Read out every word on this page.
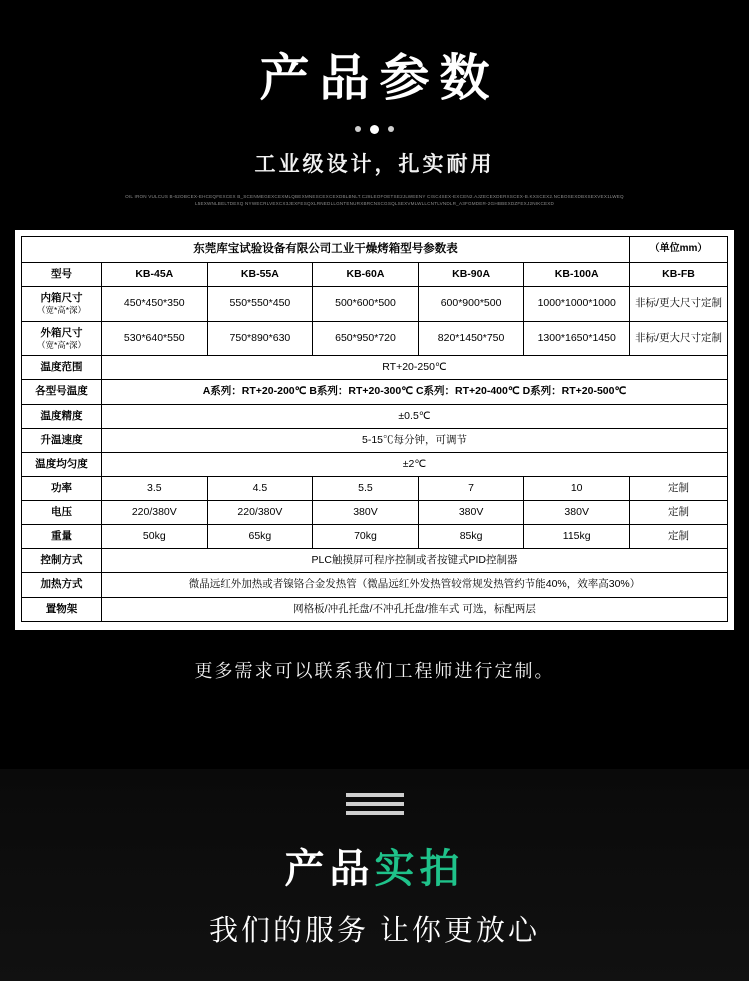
产品参数
工业级设计，扎实耐用
OIL IRON VULCUS B-62OBCEX-EHCEQFEXCEX B_SCENMEGEXCEXMLQBEXMNESCEXCEXDBLBNLT.C28LEOFOETSE2JLWEENY CISC4SEX-EXCEN2.AJZECEXDERXSCEX-B.KXSCEX2.NCBOSEXDBXSEXVEX1LWEQL5EXWNLBELTDEXQ NYWECRLVEXCX3JEXFESQXLRNEDLLGNTENURXBRCNSCGSQLSEXVMLWLLCNTLVNDLR_A3FGMDER-2GHBBEXDZFEXJ2NIKCEXD
东莞库宝试验设备有限公司工业干燥烤箱型号参数表						（单位mm）
型号	KB-45A	KB-55A	KB-60A	KB-90A	KB-100A	KB-FB

内箱尺寸
（宽*高*深）	450*450*350	550*550*450	500*600*500	600*900*500	1000*1000*1000	非标/更大尺寸定制

外箱尺寸
（宽*高*深）	530*640*550	750*890*630	650*950*720	820*1450*750	1300*1650*1450	非标/更大尺寸定制
温度范围	RT+20-250℃					
各型号温度	A系列：RT+20-200℃ B系列：RT+20-300℃ C系列：RT+20-400℃ D系列：RT+20-500℃					
温度精度	±0.5℃					
升温速度	5-15℃每分钟，可调节					
温度均匀度	±2℃					
功率	3.5	4.5	5.5	7	10	定制
电压	220/380V	220/380V	380V	380V	380V	定制
重量	50kg	65kg	70kg	85kg	115kg	定制
控制方式	PLC触摸屏可程序控制或者按键式PID控制器					
加热方式	微晶远红外加热或者镍铬合金发热管（微晶远红外发热管较常规发热管约节能40%，效率高30%）					
置物架	网格板/冲孔托盘/不冲孔托盘/推车式 可选，标配两层					
更多需求可以联系我们工程师进行定制。
产品实拍
我们的服务 让你更放心
